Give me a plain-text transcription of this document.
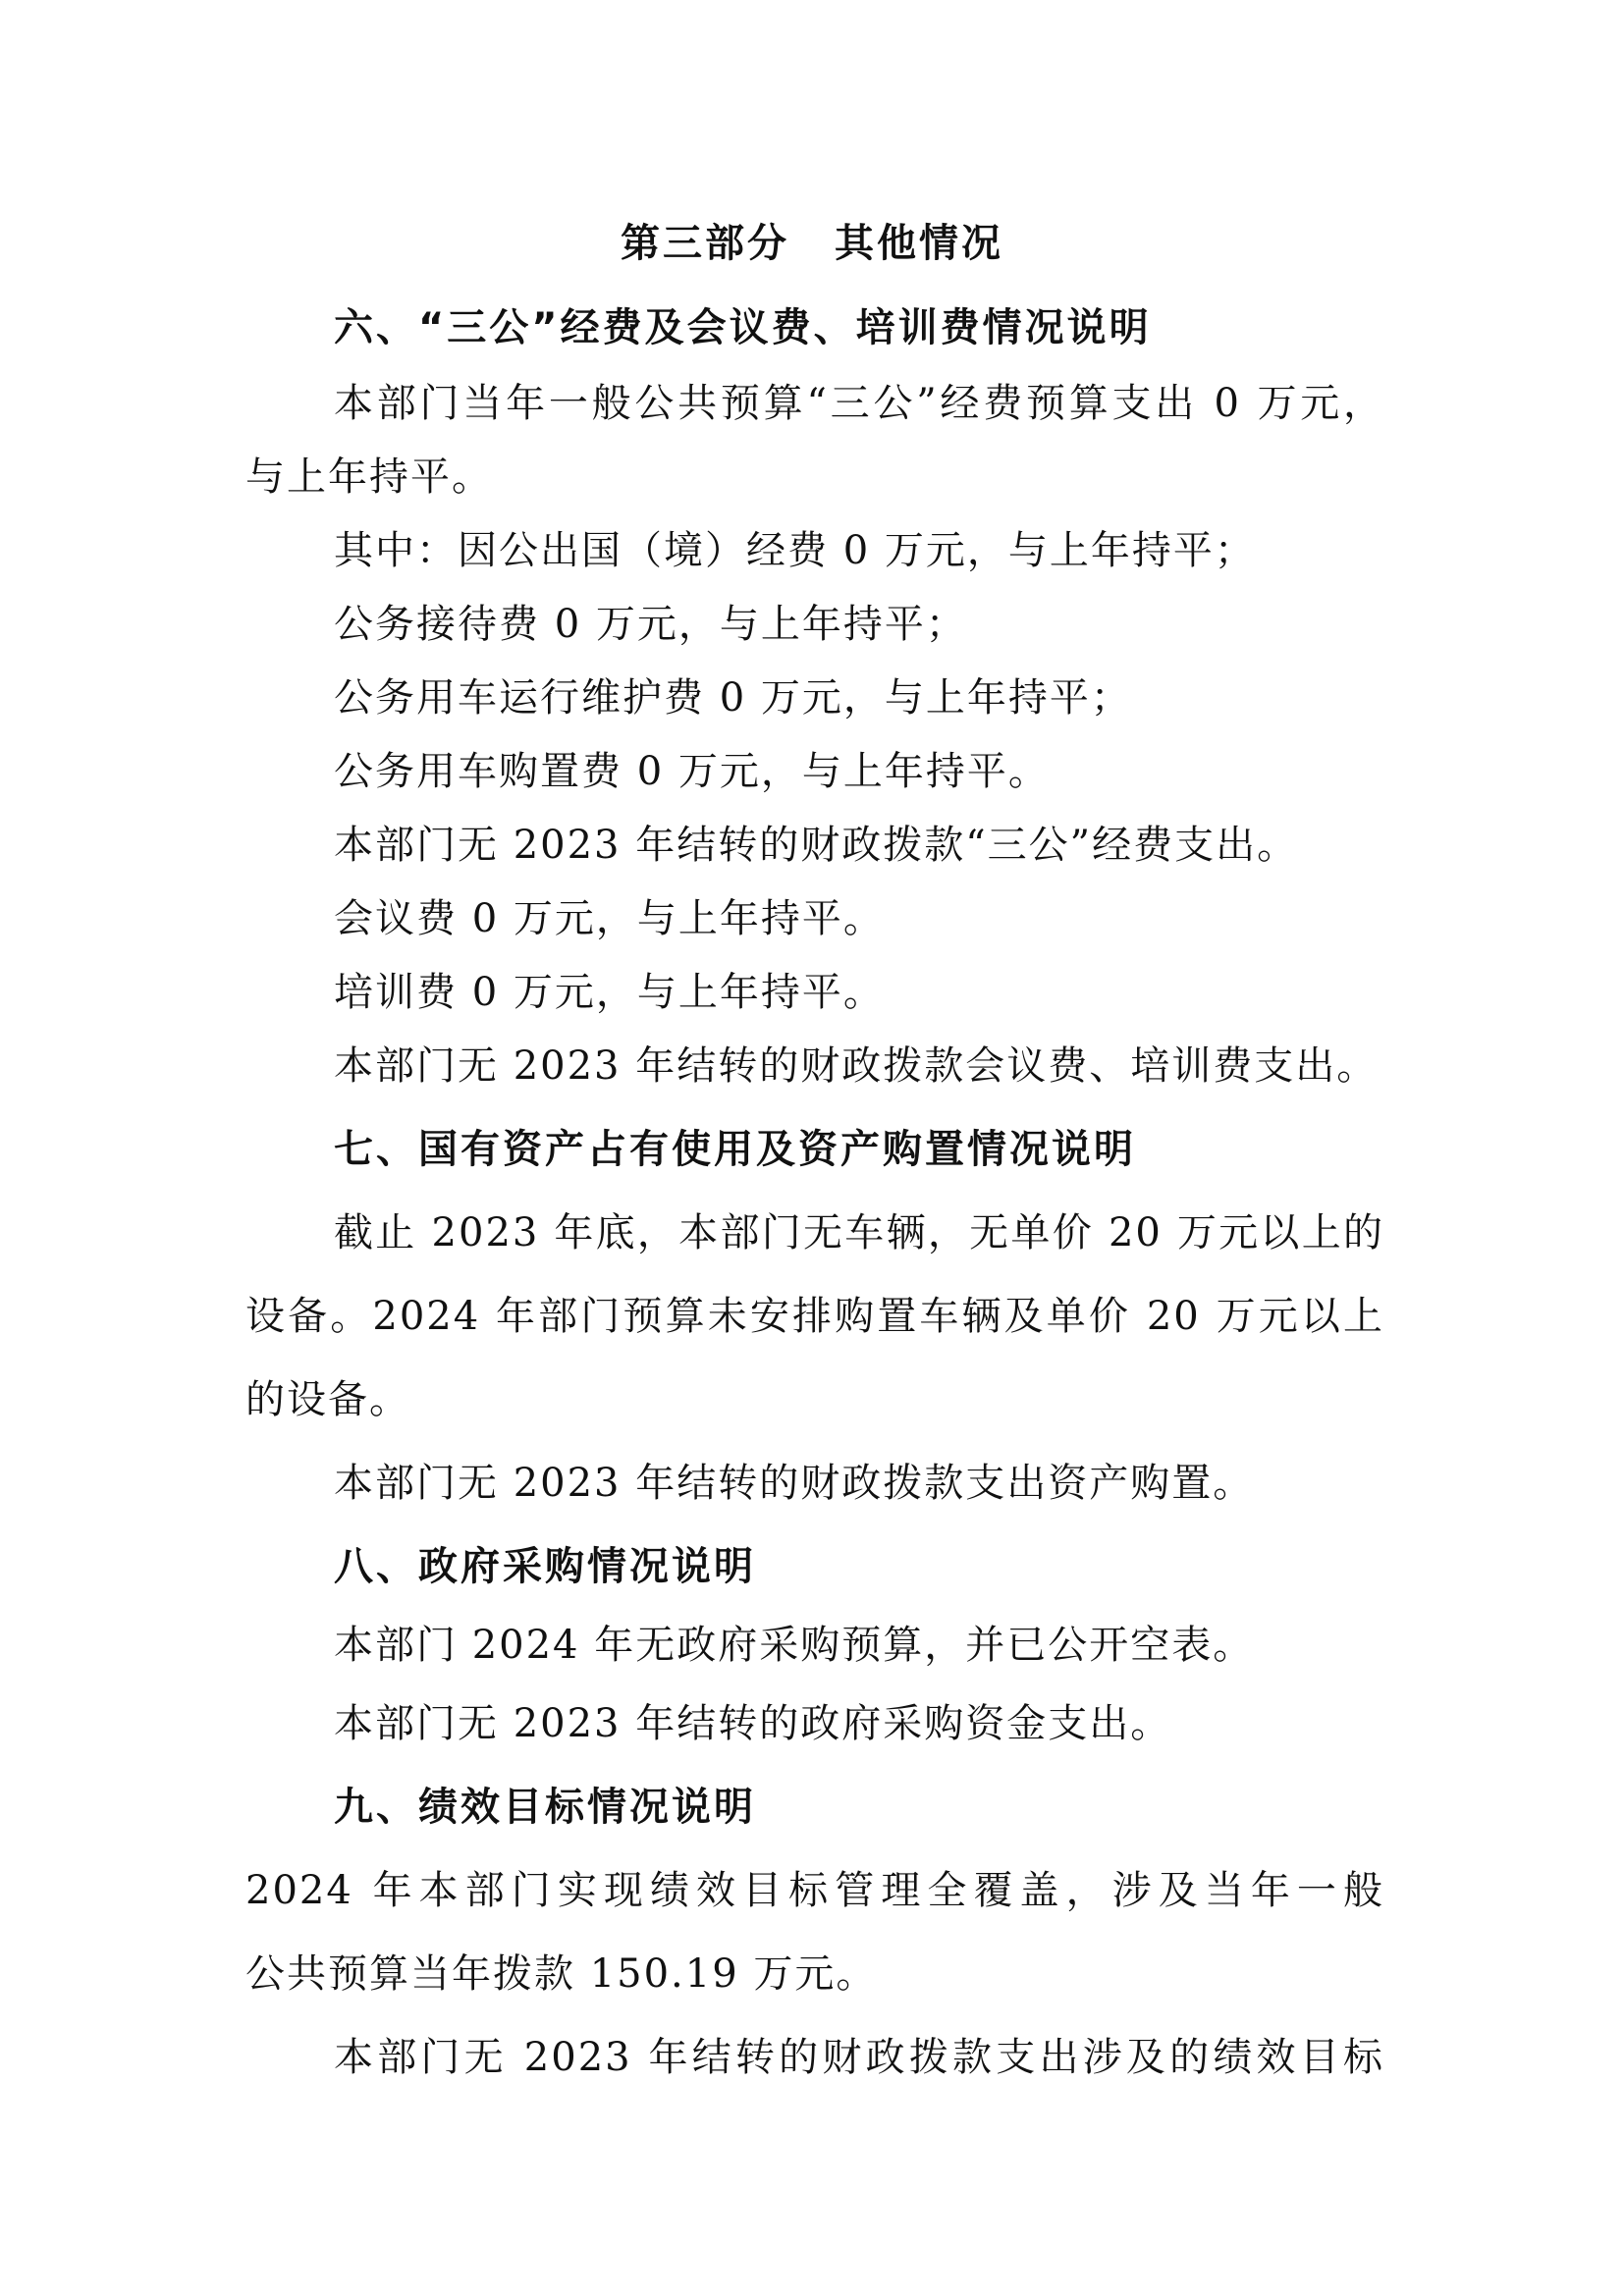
第三部分 其他情况
六、“三公”经费及会议费、培训费情况说明
本部门当年一般公共预算“三公”经费预算支出 0 万元，
与上年持平。
其中：因公出国（境）经费 0 万元，与上年持平；
公务接待费 0 万元，与上年持平；
公务用车运行维护费 0 万元，与上年持平；
公务用车购置费 0 万元，与上年持平。
本部门无 2023 年结转的财政拨款“三公”经费支出。
会议费 0 万元，与上年持平。
培训费 0 万元，与上年持平。
本部门无 2023 年结转的财政拨款会议费、培训费支出。
七、国有资产占有使用及资产购置情况说明
截止 2023 年底，本部门无车辆，无单价 20 万元以上的
设备。2024 年部门预算未安排购置车辆及单价 20 万元以上
的设备。
本部门无 2023 年结转的财政拨款支出资产购置。
八、政府采购情况说明
本部门 2024 年无政府采购预算，并已公开空表。
本部门无 2023 年结转的政府采购资金支出。
九、绩效目标情况说明
2024 年本部门实现绩效目标管理全覆盖，涉及当年一般
公共预算当年拨款 150.19 万元。
本部门无 2023 年结转的财政拨款支出涉及的绩效目标
